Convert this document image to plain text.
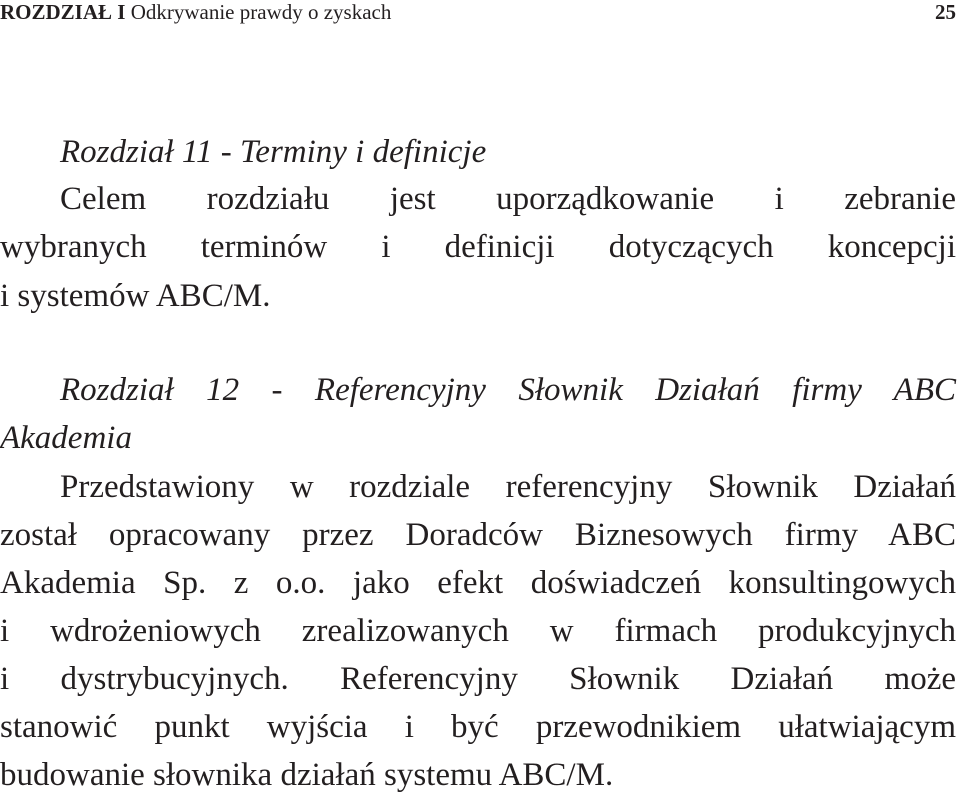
ROZDZIAŁ I Odkrywanie prawdy o zyskach	25
Rozdział 11 - Terminy i definicje
Celem rozdziału jest uporządkowanie i zebranie
wybranych terminów i definicji dotyczących koncepcji
i systemów ABC/M.
Rozdział 12 - Referencyjny Słownik Działań firmy ABC
Akademia
Przedstawiony w rozdziale referencyjny Słownik Działań
został opracowany przez Doradców Biznesowych firmy ABC
Akademia Sp. z o.o. jako efekt doświadczeń konsultingowych
i wdrożeniowych zrealizowanych w firmach produkcyjnych
i dystrybucyjnych. Referencyjny Słownik Działań może
stanowić punkt wyjścia i być przewodnikiem ułatwiającym
budowanie słownika działań systemu ABC/M.
